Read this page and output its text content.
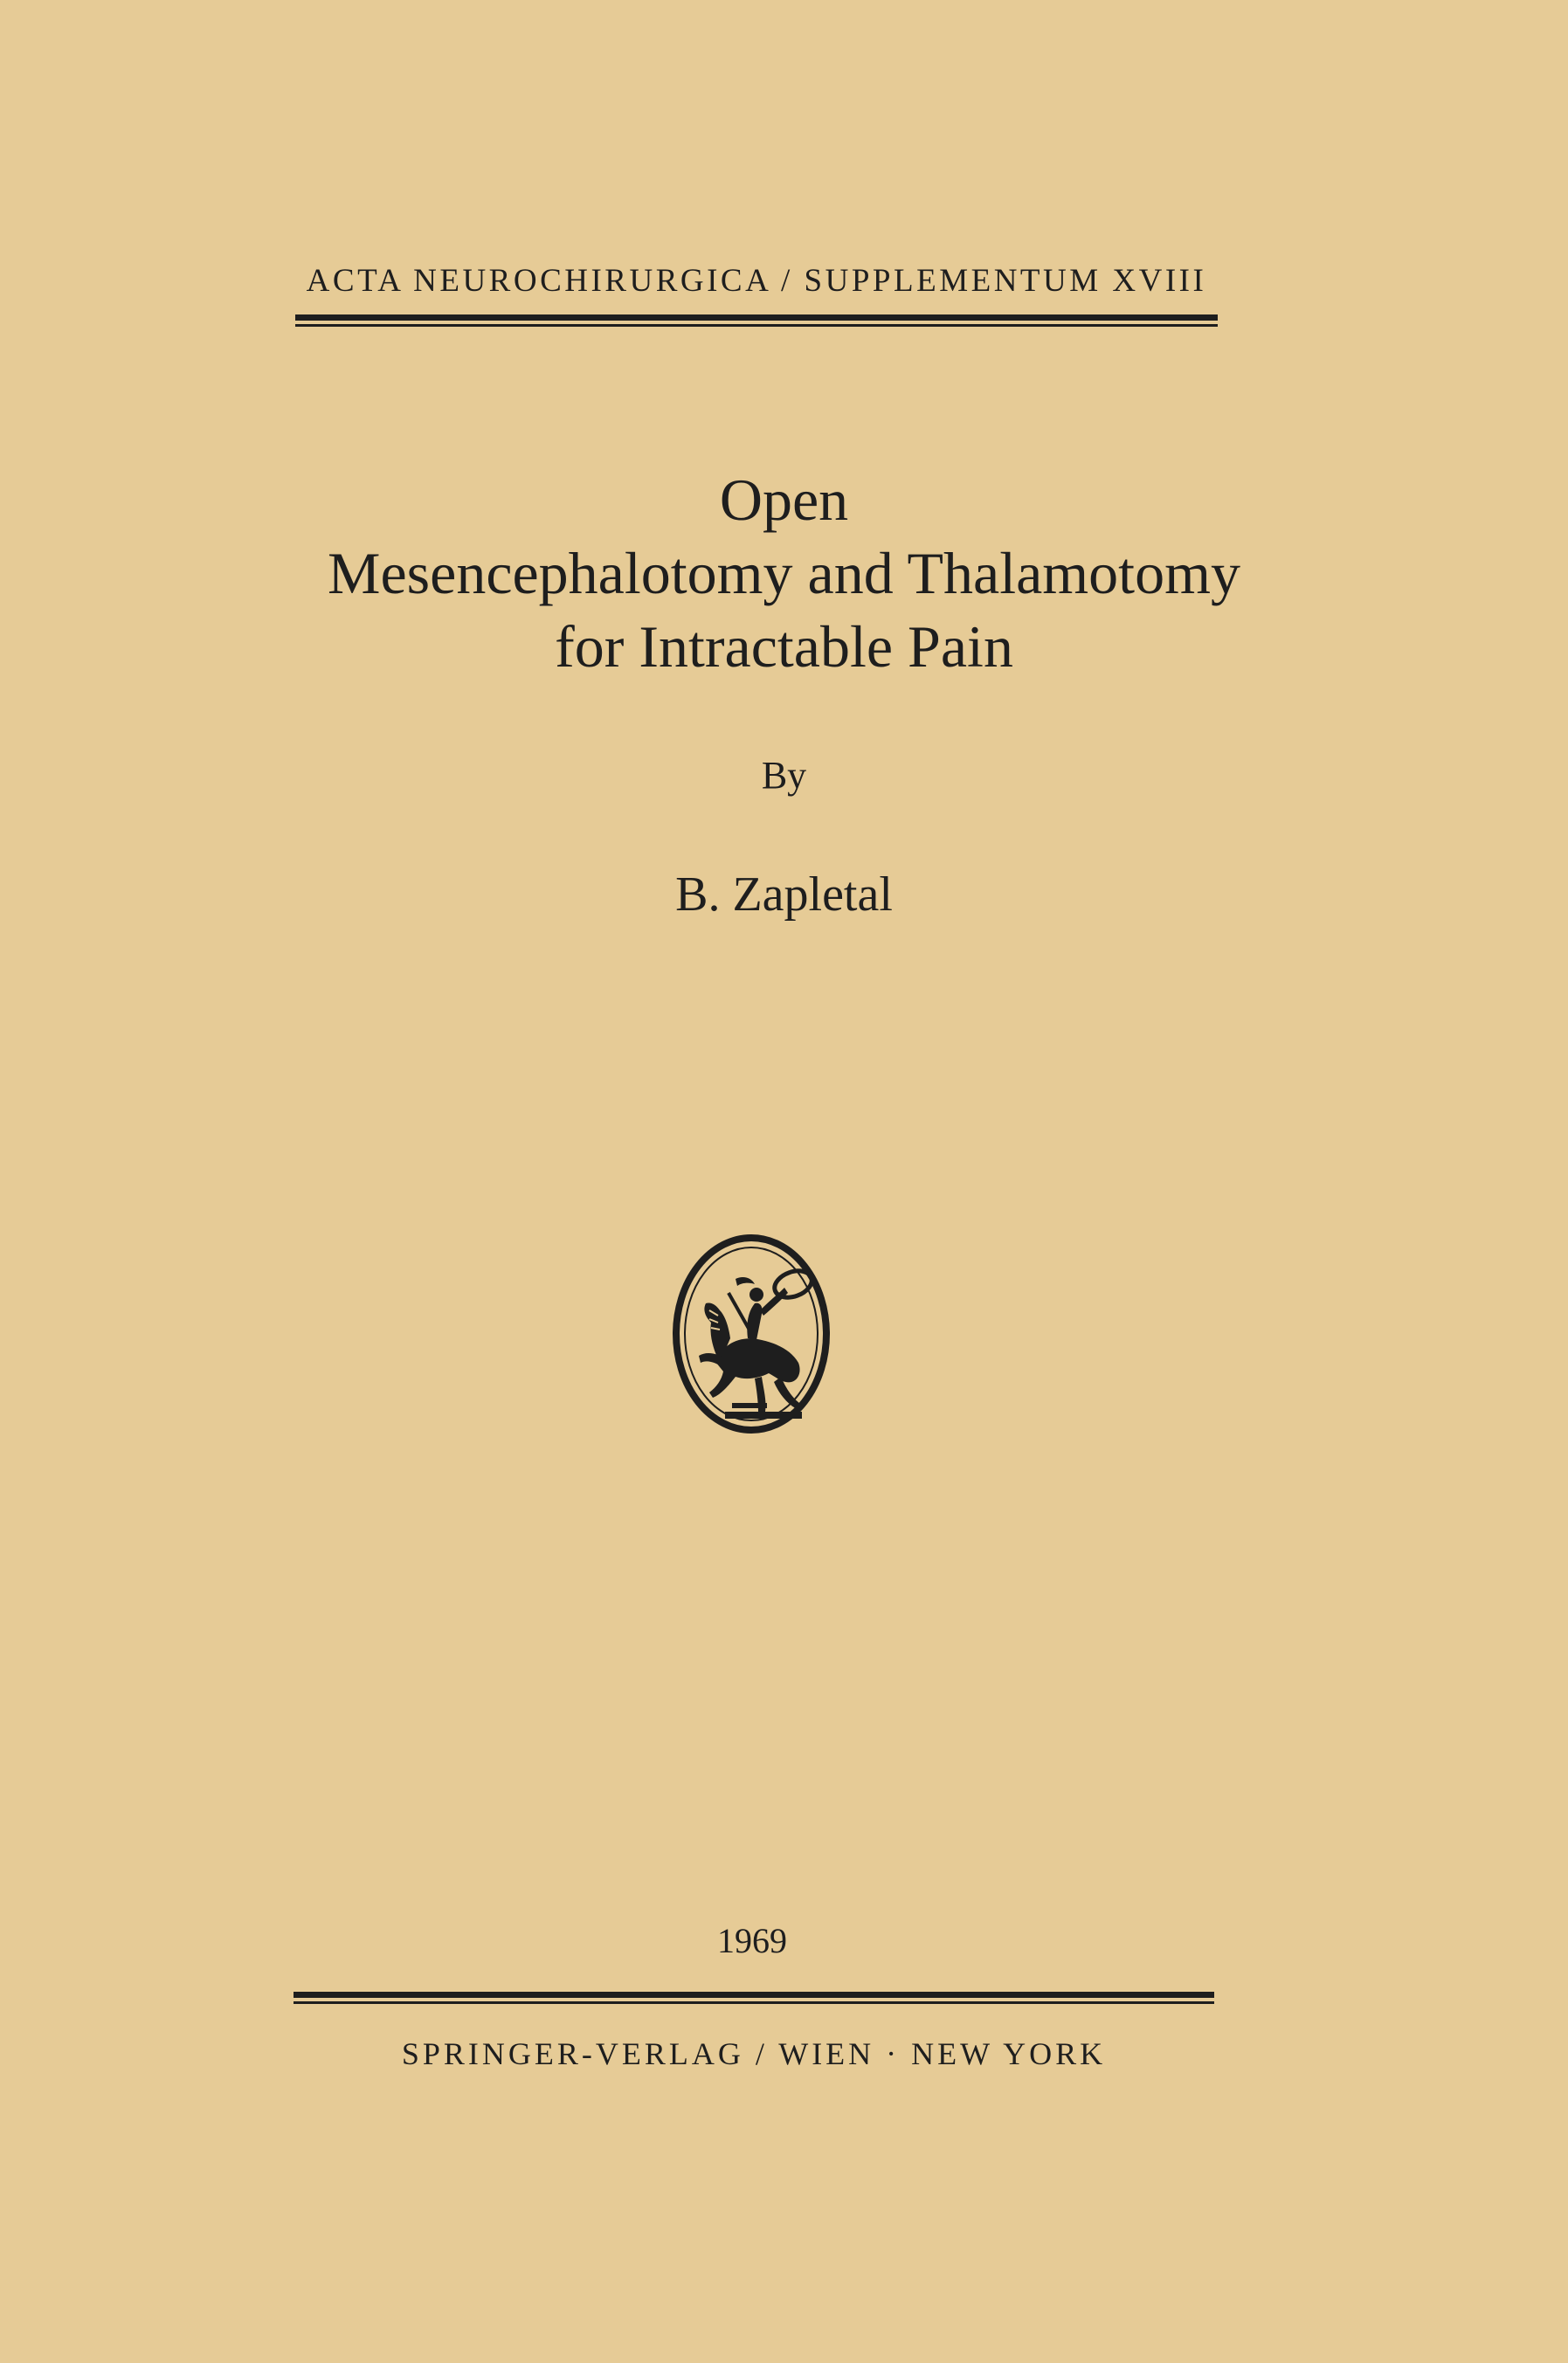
ACTA NEUROCHIRURGICA / SUPPLEMENTUM XVIII
Open
Mesencephalotomy and Thalamotomy
for Intractable Pain
By
B. Zapletal
1969
SPRINGER-VERLAG / WIEN · NEW YORK
